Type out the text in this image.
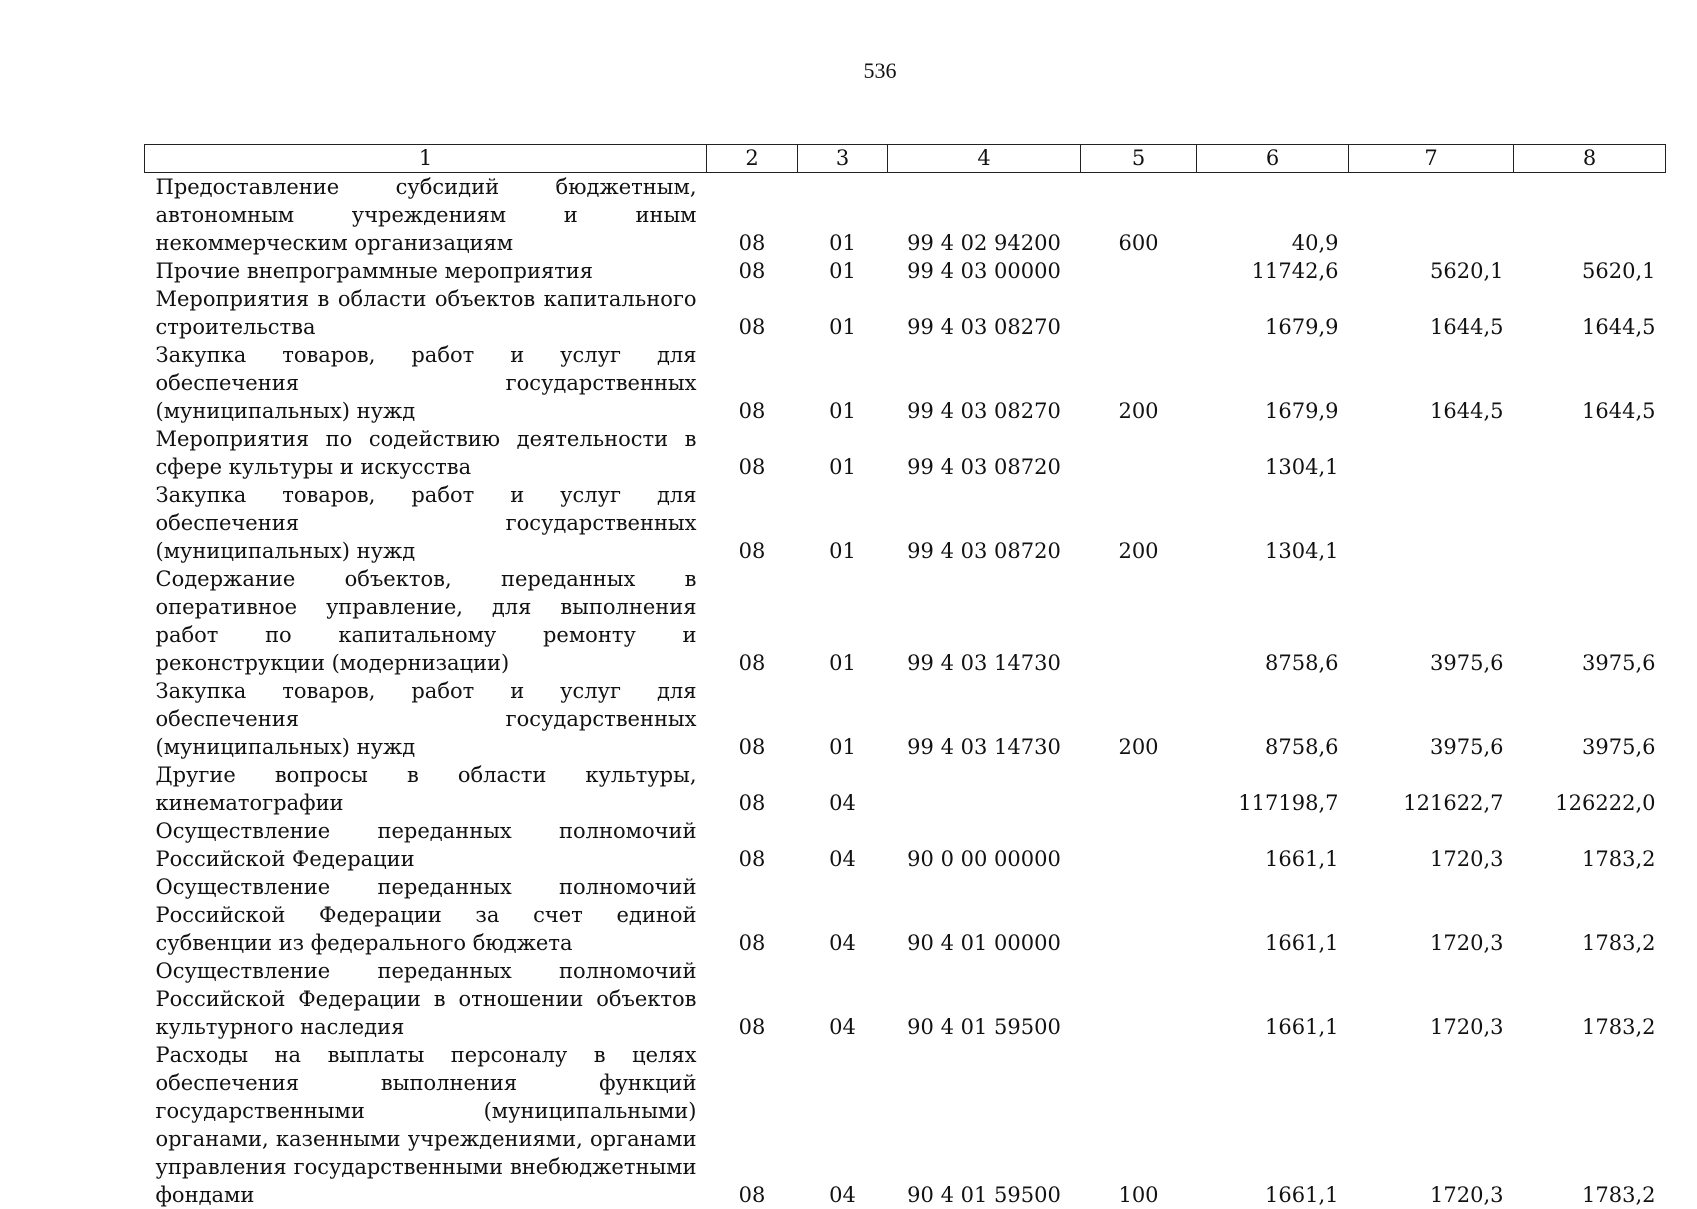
536
1	2	3	4	5	6	7	8
Предоставление субсидий бюджетным, автономным учреждениям и иным некоммерческим организациям	08	01	99 4 02 94200	600	40,9		
Прочие внепрограммные мероприятия	08	01	99 4 03 00000		11742,6	5620,1	5620,1
Мероприятия в области объектов капитального строительства	08	01	99 4 03 08270		1679,9	1644,5	1644,5
Закупка товаров, работ и услуг для обеспечения государственных (муниципальных) нужд	08	01	99 4 03 08270	200	1679,9	1644,5	1644,5
Мероприятия по содействию деятельности в сфере культуры и искусства	08	01	99 4 03 08720		1304,1		
Закупка товаров, работ и услуг для обеспечения государственных (муниципальных) нужд	08	01	99 4 03 08720	200	1304,1		
Содержание объектов, переданных в оперативное управление, для выполнения работ по капитальному ремонту и реконструкции (модернизации)	08	01	99 4 03 14730		8758,6	3975,6	3975,6
Закупка товаров, работ и услуг для обеспечения государственных (муниципальных) нужд	08	01	99 4 03 14730	200	8758,6	3975,6	3975,6
Другие вопросы в области культуры, кинематографии	08	04			117198,7	121622,7	126222,0
Осуществление переданных полномочий Российской Федерации	08	04	90 0 00 00000		1661,1	1720,3	1783,2
Осуществление переданных полномочий Российской Федерации за счет единой субвенции из федерального бюджета	08	04	90 4 01 00000		1661,1	1720,3	1783,2
Осуществление переданных полномочий Российской Федерации в отношении объектов культурного наследия	08	04	90 4 01 59500		1661,1	1720,3	1783,2
Расходы на выплаты персоналу в целях обеспечения выполнения функций государственными (муниципальными) органами, казенными учреждениями, органами управления государственными внебюджетными фондами	08	04	90 4 01 59500	100	1661,1	1720,3	1783,2
